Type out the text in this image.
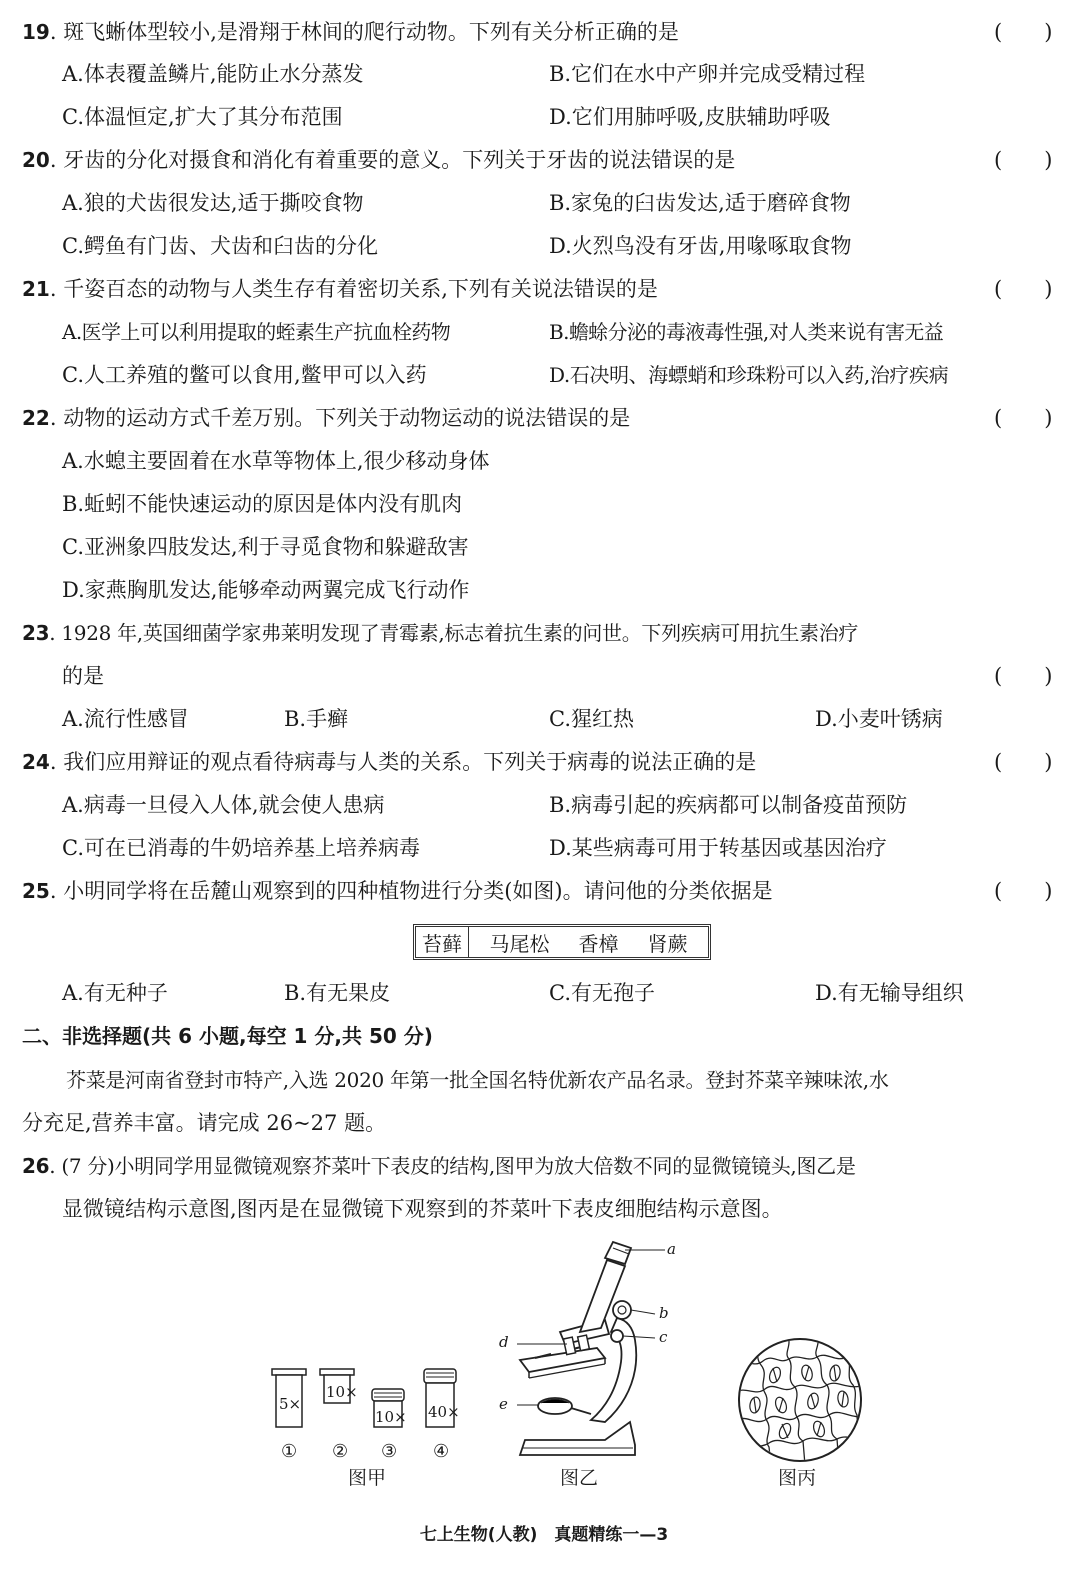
19. 斑飞蜥体型较小,是滑翔于林间的爬行动物。下列有关分析正确的是	(　　)
A.体表覆盖鳞片,能防止水分蒸发	B.它们在水中产卵并完成受精过程
C.体温恒定,扩大了其分布范围	D.它们用肺呼吸,皮肤辅助呼吸
20. 牙齿的分化对摄食和消化有着重要的意义。下列关于牙齿的说法错误的是	(　　)
A.狼的犬齿很发达,适于撕咬食物	B.家兔的臼齿发达,适于磨碎食物
C.鳄鱼有门齿、犬齿和臼齿的分化	D.火烈鸟没有牙齿,用喙啄取食物
21. 千姿百态的动物与人类生存有着密切关系,下列有关说法错误的是	(　　)
A.医学上可以利用提取的蛭素生产抗血栓药物	B.蟾蜍分泌的毒液毒性强,对人类来说有害无益
C.人工养殖的鳖可以食用,鳖甲可以入药	D.石决明、海螵蛸和珍珠粉可以入药,治疗疾病
22. 动物的运动方式千差万别。下列关于动物运动的说法错误的是	(　　)
A.水螅主要固着在水草等物体上,很少移动身体
B.蚯蚓不能快速运动的原因是体内没有肌肉
C.亚洲象四肢发达,利于寻觅食物和躲避敌害
D.家燕胸肌发达,能够牵动两翼完成飞行动作
23. 1928 年,英国细菌学家弗莱明发现了青霉素,标志着抗生素的问世。下列疾病可用抗生素治疗
的是	(　　)
A.流行性感冒	B.手癣	C.猩红热	D.小麦叶锈病
24. 我们应用辩证的观点看待病毒与人类的关系。下列关于病毒的说法正确的是	(　　)
A.病毒一旦侵入人体,就会使人患病	B.病毒引起的疾病都可以制备疫苗预防
C.可在已消毒的牛奶培养基上培养病毒	D.某些病毒可用于转基因或基因治疗
25. 小明同学将在岳麓山观察到的四种植物进行分类(如图)。请问他的分类依据是	(　　)
苔藓	马尾松 香樟 肾蕨
A.有无种子	B.有无果皮	C.有无孢子	D.有无输导组织
二、非选择题(共 6 小题,每空 1 分,共 50 分)
芥菜是河南省登封市特产,入选 2020 年第一批全国名特优新农产品名录。登封芥菜辛辣味浓,水
分充足,营养丰富。请完成 26~27 题。
26. (7 分)小明同学用显微镜观察芥菜叶下表皮的结构,图甲为放大倍数不同的显微镜镜头,图乙是
显微镜结构示意图,图丙是在显微镜下观察到的芥菜叶下表皮细胞结构示意图。
5×
10×
10× 40×
① ② ③ ④
图甲
a
b
c
d
e
图乙	图丙
七上生物(人教)　真题精练一—3
